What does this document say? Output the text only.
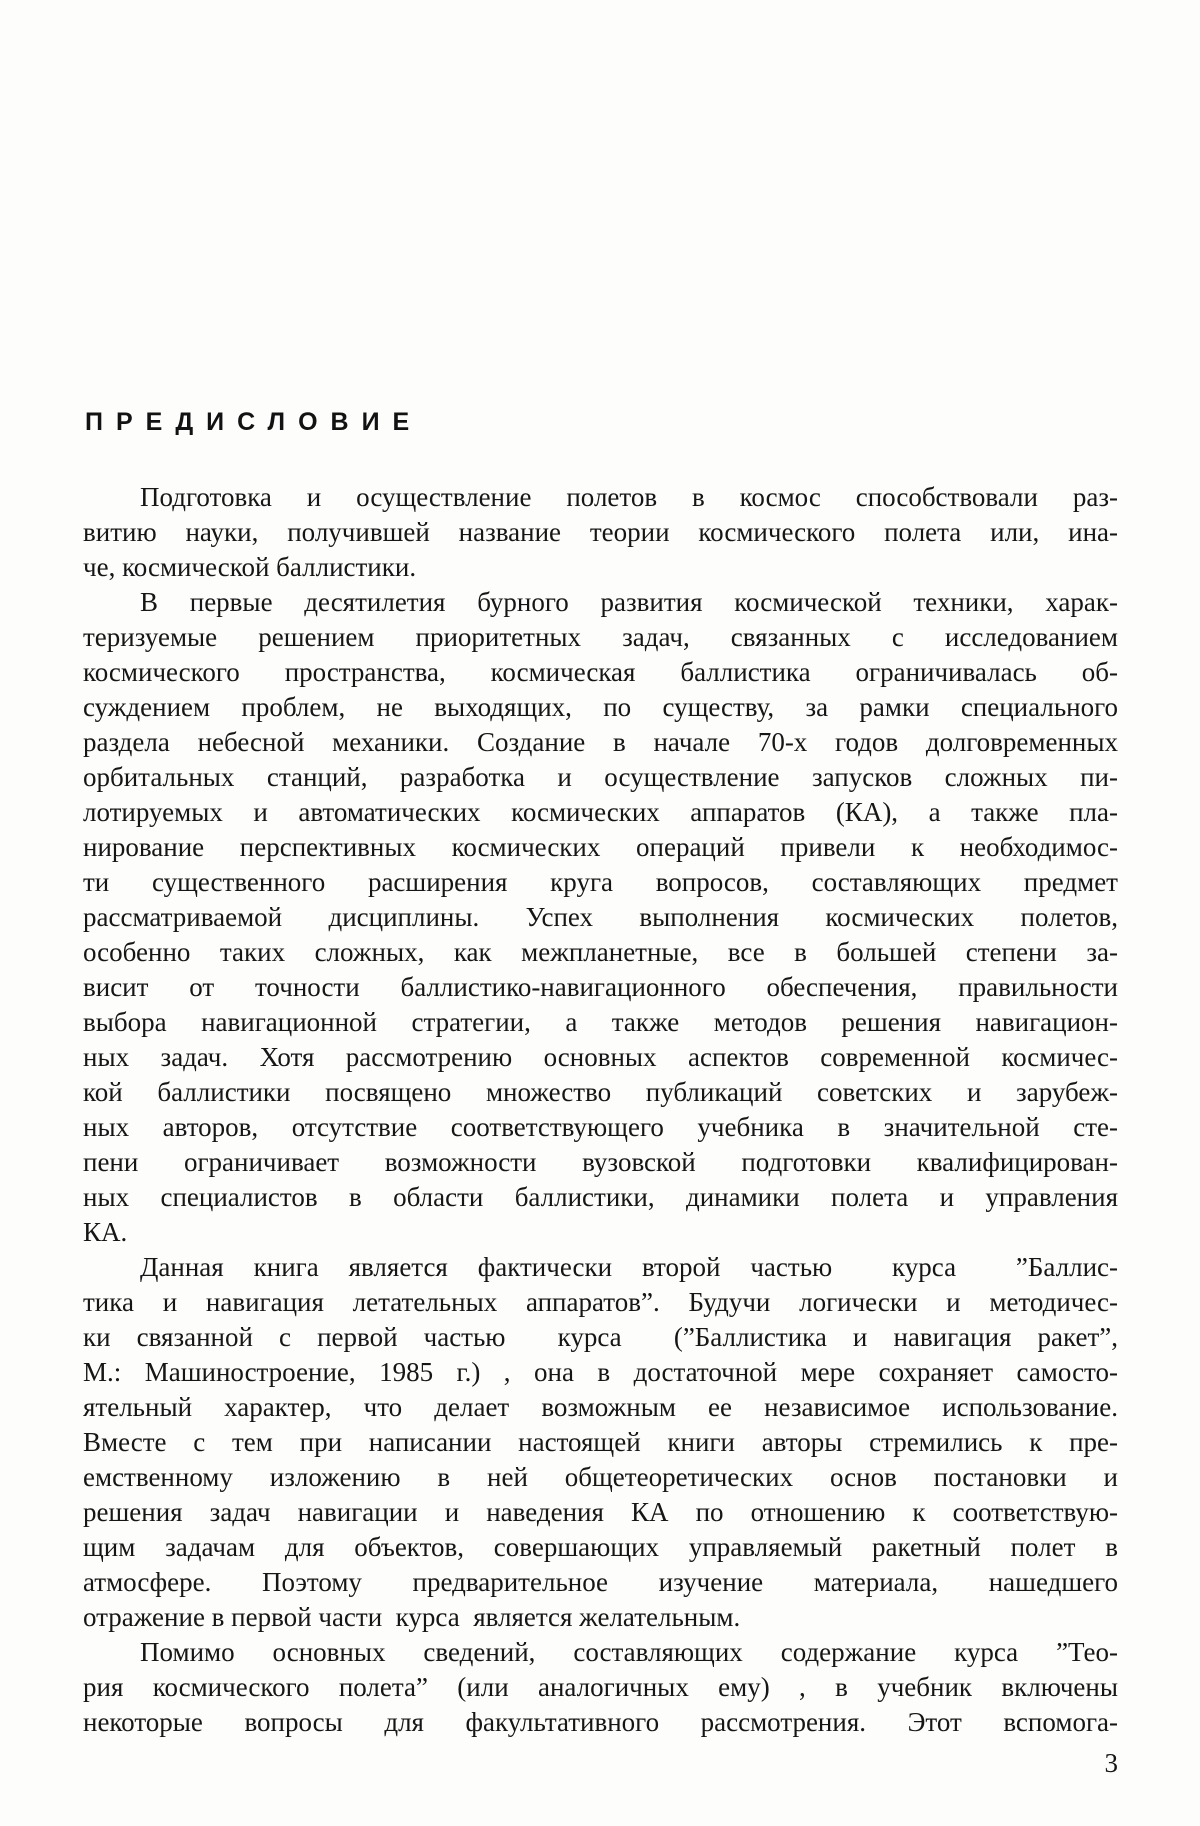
ПРЕДИСЛОВИЕ
Подготовка и осуществление полетов в космос способствовали раз-
витию науки, получившей название теории космического полета или, ина-
че, космической баллистики.
В первые десятилетия бурного развития космической техники, харак-
теризуемые решением приоритетных задач, связанных с исследованием
космического пространства, космическая баллистика ограничивалась об-
суждением проблем, не выходящих, по существу, за рамки специального
раздела небесной механики. Создание в начале 70-х годов долговременных
орбитальных станций, разработка и осуществление запусков сложных пи-
лотируемых и автоматических космических аппаратов (КА), а также пла-
нирование перспективных космических операций привели к необходимос-
ти существенного расширения круга вопросов, составляющих предмет
рассматриваемой дисциплины. Успех выполнения космических полетов,
особенно таких сложных, как межпланетные, все в большей степени за-
висит от точности баллистико-навигационного обеспечения, правильности
выбора навигационной стратегии, а также методов решения навигацион-
ных задач. Хотя рассмотрению основных аспектов современной космичес-
кой баллистики посвящено множество публикаций советских и зарубеж-
ных авторов, отсутствие соответствующего учебника в значительной сте-
пени ограничивает возможности вузовской подготовки квалифицирован-
ных специалистов в области баллистики, динамики полета и управления
КА.
Данная книга является фактически второй частью  курса  ”Баллис-
тика и навигация летательных аппаратов”. Будучи логически и методичес-
ки связанной с первой частью  курса  (”Баллистика и навигация ракет”,
М.: Машиностроение, 1985 г.) , она в достаточной мере сохраняет самосто-
ятельный характер, что делает возможным ее независимое использование.
Вместе с тем при написании настоящей книги авторы стремились к пре-
емственному изложению в ней общетеоретических основ постановки и
решения задач навигации и наведения КА по отношению к соответствую-
щим задачам для объектов, совершающих управляемый ракетный полет в
атмосфере. Поэтому предварительное изучение материала, нашедшего
отражение в первой части  курса  является желательным.
Помимо основных сведений, составляющих содержание курса ”Тео-
рия космического полета” (или аналогичных ему) , в учебник включены
некоторые вопросы для факультативного рассмотрения. Этот вспомога-
3
